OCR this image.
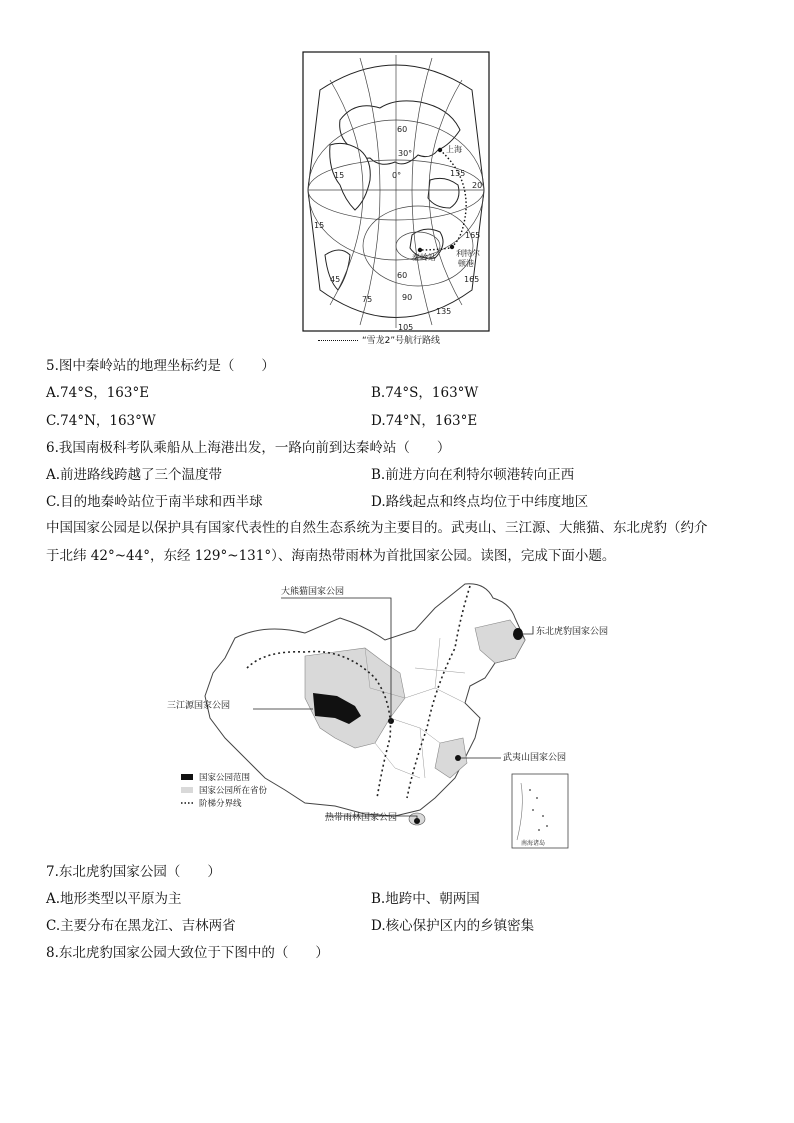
上海
60
30°
15
15
135
20
0°
165
165
45
75	90
135
105
60
利特尔
顿港
秦岭站
“雪龙2”号航行路线
5.图中秦岭站的地理坐标约是（　　）
A.74°S，163°E	B.74°S，163°W
C.74°N，163°W	D.74°N，163°E
6.我国南极科考队乘船从上海港出发，一路向前到达秦岭站（　　）
A.前进路线跨越了三个温度带	B.前进方向在利特尔顿港转向正西
C.目的地秦岭站位于南半球和西半球	D.路线起点和终点均位于中纬度地区
中国国家公园是以保护具有国家代表性的自然生态系统为主要目的。武夷山、三江源、大熊猫、东北虎豹（约介
于北纬 42°~44°，东经 129°~131°）、海南热带雨林为首批国家公园。读图，完成下面小题。
南海诸岛
大熊猫国家公园
东北虎豹国家公园
三江源国家公园
武夷山国家公园
热带雨林国家公园
国家公园范围
国家公园所在省份
阶梯分界线
7.东北虎豹国家公园（　　）
A.地形类型以平原为主	B.地跨中、朝两国
C.主要分布在黑龙江、吉林两省	D.核心保护区内的乡镇密集
8.东北虎豹国家公园大致位于下图中的（　　）
